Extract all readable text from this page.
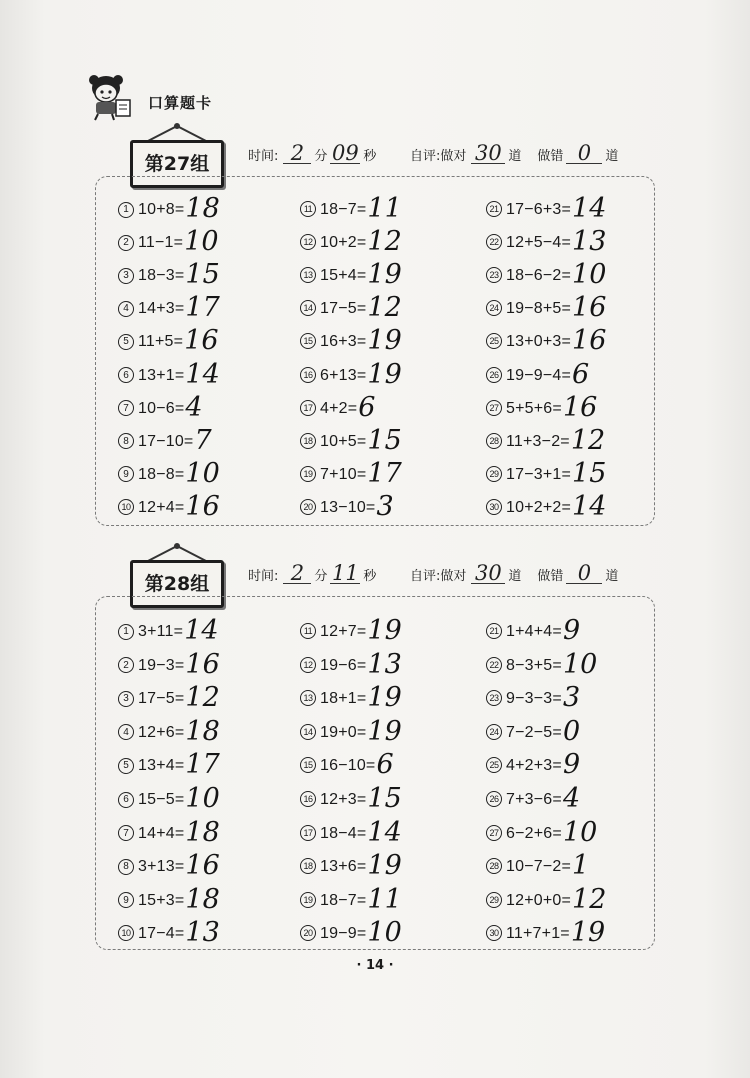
口算题卡
第27组	时间: 2 分 09 秒	自评:做对 30 道 做错 0	道
1 10+8= 18
2 11−1= 10
3 18−3= 15
4 14+3= 17
5 11+5= 16
6 13+1= 14
7 10−6= 4
8 17−10= 7
9 18−8= 10
10 12+4= 16
11 18−7= 11
12 10+2= 12
13 15+4= 19
14 17−5= 12
15 16+3= 19
16 6+13= 19
17 4+2= 6
18 10+5= 15
19 7+10= 17
20 13−10= 3
21 17−6+3= 14
22 12+5−4= 13
23 18−6−2= 10
24 19−8+5= 16
25 13+0+3= 16
26 19−9−4= 6
27 5+5+6= 16
28 11+3−2= 12
29 17−3+1= 15
30 10+2+2= 14
第28组	时间: 2 分 11 秒	自评:做对 30 道 做错 0	道
1 3+11= 14
2 19−3= 16
3 17−5= 12
4 12+6= 18
5 13+4= 17
6 15−5= 10
7 14+4= 18
8 3+13= 16
9 15+3= 18
10 17−4= 13
11 12+7= 19
12 19−6= 13
13 18+1= 19
14 19+0= 19
15 16−10= 6
16 12+3= 15
17 18−4= 14
18 13+6= 19
19 18−7= 11
20 19−9= 10
21 1+4+4= 9
22 8−3+5= 10
23 9−3−3= 3
24 7−2−5= 0
25 4+2+3= 9
26 7+3−6= 4
27 6−2+6= 10
28 10−7−2= 1
29 12+0+0= 12
30 11+7+1= 19
· 14 ·
